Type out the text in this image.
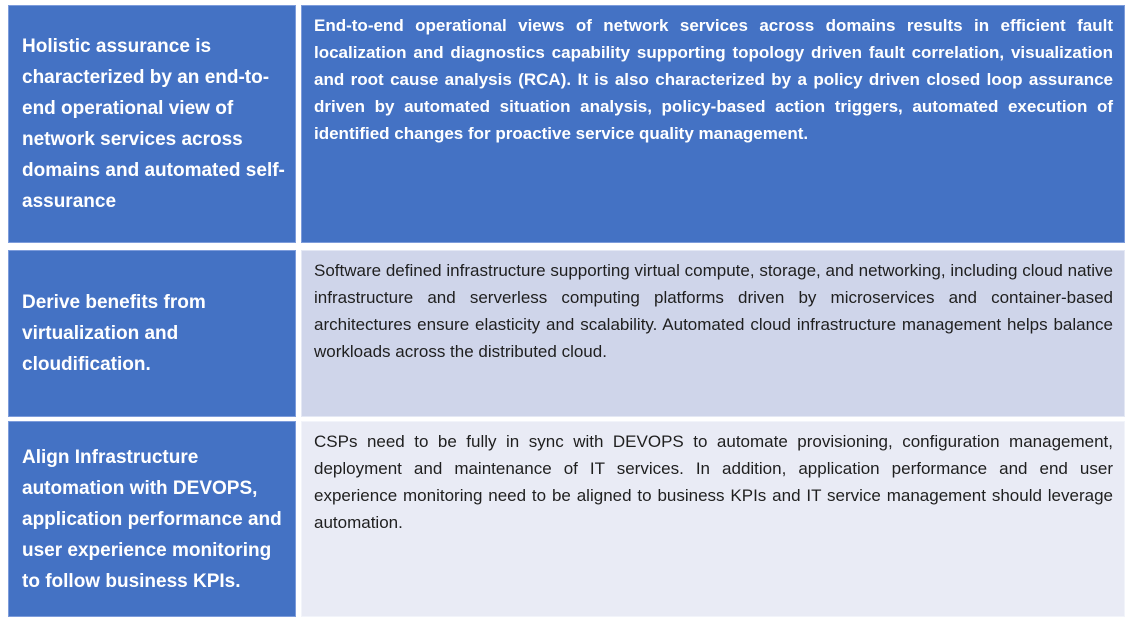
Holistic assurance is characterized by an end-to-end operational view of network services across domains and automated self-assurance

End-to-end operational views of network services across domains results in efficient fault localization and diagnostics capability supporting topology driven fault correlation, visualization and root cause analysis (RCA). It is also characterized by a policy driven closed loop assurance driven by automated situation analysis, policy-based action triggers, automated execution of identified changes for proactive service quality management.

Derive benefits from virtualization and cloudification.

Software defined infrastructure supporting virtual compute, storage, and networking, including cloud native infrastructure and serverless computing platforms driven by microservices and container-based architectures ensure elasticity and scalability. Automated cloud infrastructure management helps balance workloads across the distributed cloud.

Align Infrastructure automation with DEVOPS, application performance and user experience monitoring to follow business KPIs.

CSPs need to be fully in sync with DEVOPS to automate provisioning, configuration management, deployment and maintenance of IT services. In addition, application performance and end user experience monitoring need to be aligned to business KPIs and IT service management should leverage automation.
